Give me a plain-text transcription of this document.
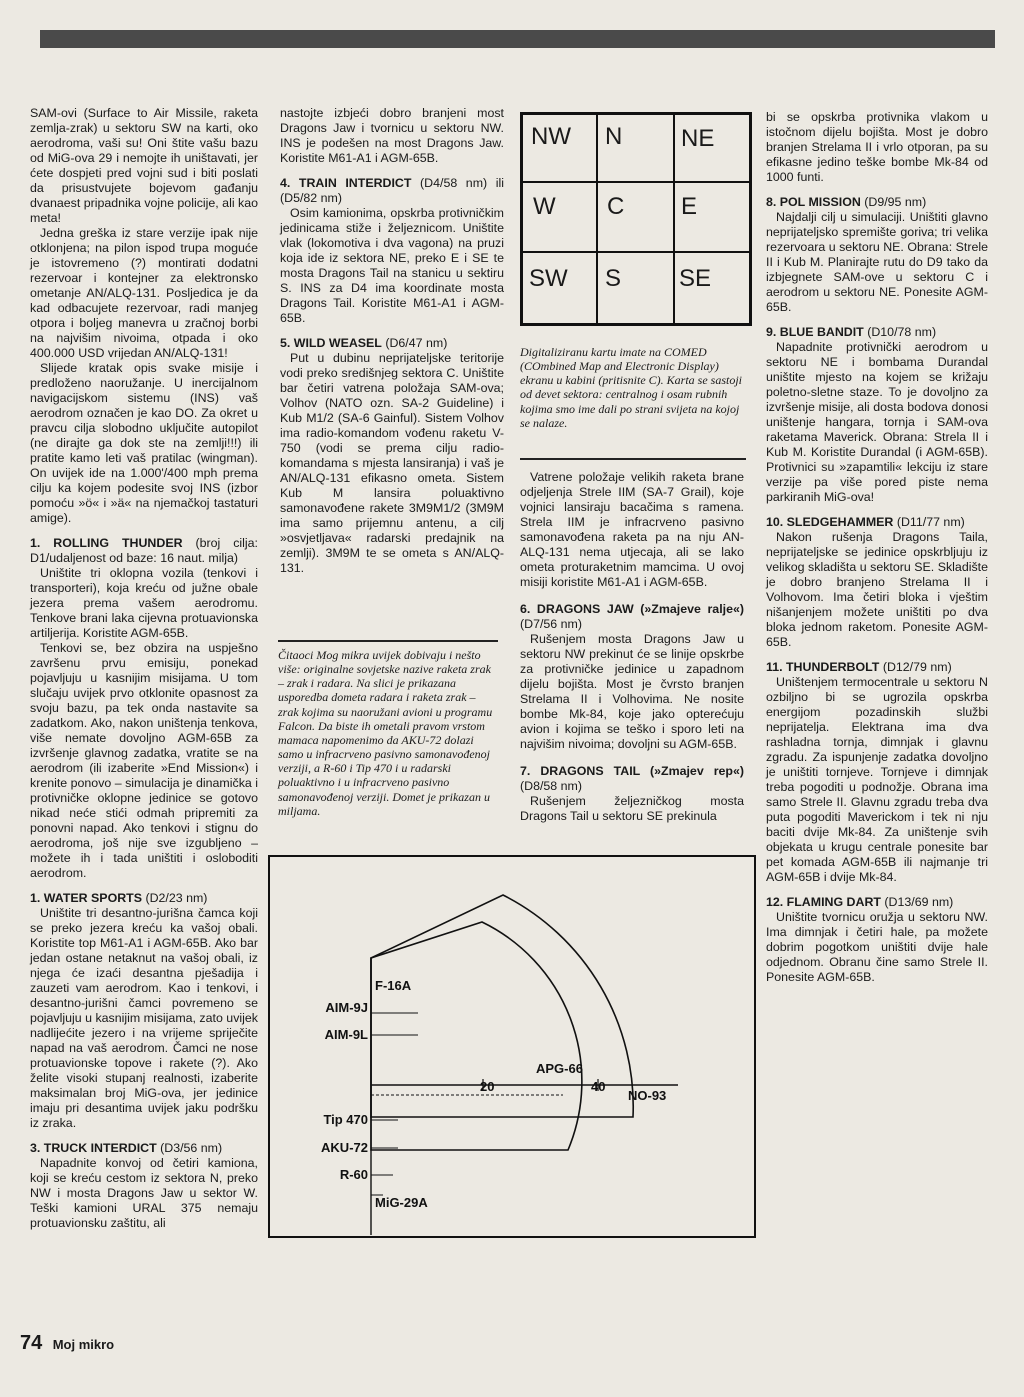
SAM-ovi (Surface to Air Missile, raketa zemlja-zrak) u sektoru SW na karti, oko aerodroma, vaši su! Oni štite vašu bazu od MiG-ova 29 i nemojte ih uništavati, jer ćete dospjeti pred vojni sud i biti poslati da prisustvujete bojevom gađanju dvanaest pripadnika vojne policije, ali kao meta!

Jedna greška iz stare verzije ipak nije otklonjena; na pilon ispod trupa moguće je istovremeno (?) montirati dodatni rezervoar i kontejner za elektronsko ometanje AN/ALQ-131. Posljedica je da kad odbacujete rezervoar, radi manjeg otpora i boljeg manevra u zračnoj borbi na najvišim nivoima, otpada i oko 400.000 USD vrijedan AN/ALQ-131!

Slijede kratak opis svake misije i predloženo naoružanje. U inercijalnom navigacijskom sistemu (INS) vaš aerodrom označen je kao DO. Za okret u pravcu cilja slobodno uključite autopilot (ne dirajte ga dok ste na zemlji!!!) ili pratite kamo leti vaš pratilac (wingman). On uvijek ide na 1.000'/400 mph prema cilju ka kojem podesite svoj INS (izbor pomoću »ö« i »ä« na njemačkoj tastaturi amige).

1. ROLLING THUNDER (broj cilja: D1/udaljenost od baze: 16 naut. milja)

Uništite tri oklopna vozila (tenkovi i transporteri), koja kreću od južne obale jezera prema vašem aerodromu. Tenkove brani laka cijevna protuavionska artiljerija. Koristite AGM-65B.

Tenkovi se, bez obzira na uspješno završenu prvu emisiju, ponekad pojavljuju u kasnijim misijama. U tom slučaju uvijek prvo otklonite opasnost za svoju bazu, pa tek onda nastavite sa zadatkom. Ako, nakon uništenja tenkova, više nemate dovoljno AGM-65B za izvršenje glavnog zadatka, vratite se na aerodrom (ili izaberite »End Mission«) i krenite ponovo – simulacija je dinamička i protivničke oklopne jedinice se gotovo nikad neće stići odmah pripremiti za ponovni napad. Ako tenkovi i stignu do aerodroma, još nije sve izgubljeno – možete ih i tada uništiti i osloboditi aerodrom.

1. WATER SPORTS (D2/23 nm)

Uništite tri desantno-jurišna čamca koji se preko jezera kreću ka vašoj obali. Koristite top M61-A1 i AGM-65B. Ako bar jedan ostane netaknut na vašoj obali, iz njega će izaći desantna pješadija i zauzeti vam aerodrom. Kao i tenkovi, i desantno-jurišni čamci povremeno se pojavljuju u kasnijim misijama, zato uvijek nadlijećite jezero i na vrijeme spriječite napad na vaš aerodrom. Čamci ne nose protuavionske topove i rakete (?). Ako želite visoki stupanj realnosti, izaberite maksimalan broj MiG-ova, jer jedinice imaju pri desantima uvijek jaku podršku iz zraka.

3. TRUCK INTERDICT (D3/56 nm)

Napadnite konvoj od četiri kamiona, koji se kreću cestom iz sektora N, preko NW i mosta Dragons Jaw u sektor W. Teški kamioni URAL 375 nemaju protuavionsku zaštitu, ali

nastojte izbjeći dobro branjeni most Dragons Jaw i tvornicu u sektoru NW. INS je podešen na most Dragons Jaw. Koristite M61-A1 i AGM-65B.

4. TRAIN INTERDICT (D4/58 nm) ili (D5/82 nm)

Osim kamionima, opskrba protivničkim jedinicama stiže i željeznicom. Uništite vlak (lokomotiva i dva vagona) na pruzi koja ide iz sektora NE, preko E i SE te mosta Dragons Tail na stanicu u sektiru S. INS za D4 ima koordinate mosta Dragons Tail. Koristite M61-A1 i AGM-65B.

5. WILD WEASEL (D6/47 nm)

Put u dubinu neprijateljske teritorije vodi preko središnjeg sektora C. Uništite bar četiri vatrena položaja SAM-ova; Volhov (NATO ozn. SA-2 Guideline) i Kub M1/2 (SA-6 Gainful). Sistem Volhov ima radio-komandom vođenu raketu V-750 (vodi se prema cilju radio-komandama s mjesta lansiranja) i vaš je AN/ALQ-131 efikasno ometa. Sistem Kub M lansira poluaktivno samonavođene rakete 3M9M1/2 (3M9M ima samo prijemnu antenu, a cilj »osvjetljava« radarski predajnik na zemlji). 3M9M te se ometa s AN/ALQ-131.

Čitaoci Mog mikra uvijek dobivaju i nešto više: originalne sovjetske nazive raketa zrak – zrak i radara. Na slici je prikazana usporedba dometa radara i raketa zrak – zrak kojima su naoružani avioni u programu Falcon. Da biste ih ometali pravom vrstom mamaca napomenimo da AKU-72 dolazi samo u infracrveno pasivno samonavođenoj verziji, a R-60 i Tip 470 i u radarski poluaktivno i u infracrveno pasivno samonavođenoj verziji. Domet je prikazan u miljama.
NW N NE
W C E
SW S SE
Digitaliziranu kartu imate na COMED (COmbined Map and Electronic Display) ekranu u kabini (pritisnite C). Karta se sastoji od devet sektora: centralnog i osam rubnih kojima smo ime dali po strani svijeta na kojoj se nalaze.

Vatrene položaje velikih raketa brane odjeljenja Strele IIM (SA-7 Grail), koje vojnici lansiraju bacačima s ramena. Strela IIM je infracrveno pasivno samonavođena raketa pa na nju AN-ALQ-131 nema utjecaja, ali se lako ometa proturaketnim mamcima. U ovoj misiji koristite M61-A1 i AGM-65B.

6. DRAGONS JAW (»Zmajeve ralje«) (D7/56 nm)

Rušenjem mosta Dragons Jaw u sektoru NW prekinut će se linije opskrbe za protivničke jedinice u zapadnom dijelu bojišta. Most je čvrsto branjen Strelama II i Volhovima. Ne nosite bombe Mk-84, koje jako opterećuju avion i kojima se teško i sporo leti na najvišim nivoima; dovoljni su AGM-65B.

7. DRAGONS TAIL (»Zmajev rep«) (D8/58 nm)

Rušenjem željezničkog mosta Dragons Tail u sektoru SE prekinula

bi se opskrba protivnika vlakom u istočnom dijelu bojišta. Most je dobro branjen Strelama II i vrlo otporan, pa su efikasne jedino teške bombe Mk-84 od 1000 funti.

8. POL MISSION (D9/95 nm)

Najdalji cilj u simulaciji. Uništiti glavno neprijateljsko spremište goriva; tri velika rezervoara u sektoru NE. Obrana: Strele II i Kub M. Planirajte rutu do D9 tako da izbjegnete SAM-ove u sektoru C i aerodrom u sektoru NE. Ponesite AGM-65B.

9. BLUE BANDIT (D10/78 nm)

Napadnite protivnički aerodrom u sektoru NE i bombama Durandal uništite mjesto na kojem se križaju poletno-sletne staze. To je dovoljno za izvršenje misije, ali dosta bodova donosi uništenje hangara, tornja i SAM-ova raketama Maverick. Obrana: Strela II i Kub M. Koristite Durandal (i AGM-65B). Protivnici su »zapamtili« lekciju iz stare verzije pa više pored piste nema parkiranih MiG-ova!

10. SLEDGEHAMMER (D11/77 nm)

Nakon rušenja Dragons Taila, neprijateljske se jedinice opskrbljuju iz velikog skladišta u sektoru SE. Skladište je dobro branjeno Strelama II i Volhovom. Ima četiri bloka i vještim nišanjenjem možete uništiti po dva bloka jednom raketom. Ponesite AGM-65B.

11. THUNDERBOLT (D12/79 nm)

Uništenjem termocentrale u sektoru N ozbiljno bi se ugrozila opskrba energijom pozadinskih službi neprijatelja. Elektrana ima dva rashladna tornja, dimnjak i glavnu zgradu. Za ispunjenje zadatka dovoljno je uništiti tornjeve. Tornjeve i dimnjak treba pogoditi u podnožje. Obrana ima samo Strele II. Glavnu zgradu treba dva puta pogoditi Maverickom i tek ni nju baciti dvije Mk-84. Za uništenje svih objekata u krugu centrale ponesite bar pet komada AGM-65B ili najmanje tri AGM-65B i dvije Mk-84.

12. FLAMING DART (D13/69 nm)

Uništite tvornicu oružja u sektoru NW. Ima dimnjak i četiri hale, pa možete dobrim pogotkom uništiti dvije hale odjednom. Obranu čine samo Strele II. Ponesite AGM-65B.

F-16A
AIM-9J
AIM-9L
Tip 470
AKU-72
R-60
MiG-29A
20	40
APG-66
NO-93
74 Moj mikro
